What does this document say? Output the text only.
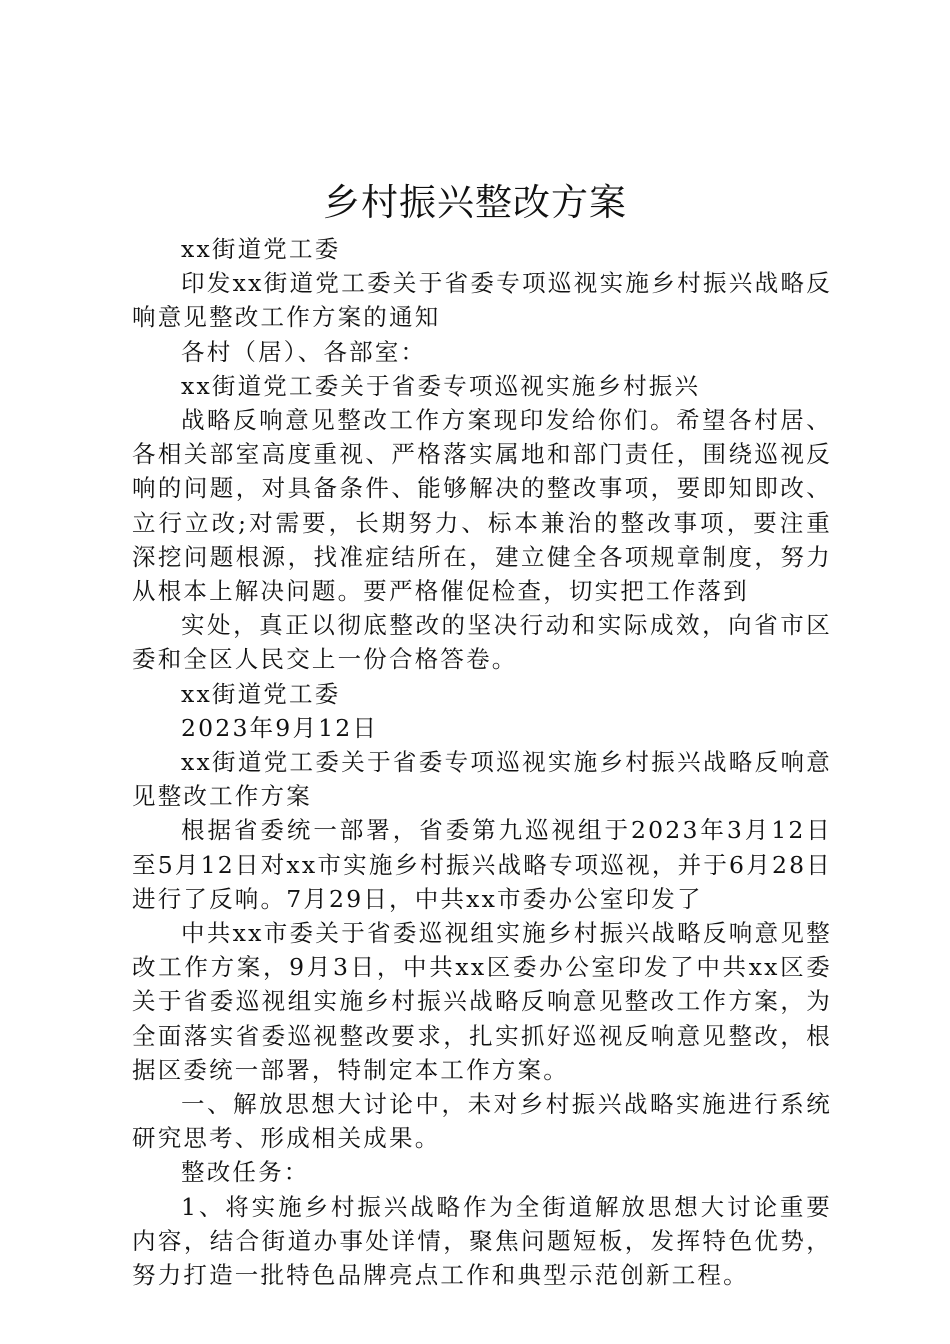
乡村振兴整改方案

xx街道党工委

印发xx街道党工委关于省委专项巡视实施乡村振兴战略反响意见整改工作方案的通知

各村（居）、各部室：

xx街道党工委关于省委专项巡视实施乡村振兴

战略反响意见整改工作方案现印发给你们。希望各村居、各相关部室高度重视、严格落实属地和部门责任，围绕巡视反响的问题，对具备条件、能够解决的整改事项，要即知即改、立行立改;对需要，长期努力、标本兼治的整改事项，要注重深挖问题根源，找准症结所在，建立健全各项规章制度，努力从根本上解决问题。要严格催促检查，切实把工作落到

实处，真正以彻底整改的坚决行动和实际成效，向省市区委和全区人民交上一份合格答卷。

xx街道党工委

2023年9月12日

xx街道党工委关于省委专项巡视实施乡村振兴战略反响意见整改工作方案

根据省委统一部署，省委第九巡视组于2023年3月12日至5月12日对xx市实施乡村振兴战略专项巡视，并于6月28日进行了反响。7月29日，中共xx市委办公室印发了

中共xx市委关于省委巡视组实施乡村振兴战略反响意见整改工作方案，9月3日，中共xx区委办公室印发了中共xx区委关于省委巡视组实施乡村振兴战略反响意见整改工作方案，为全面落实省委巡视整改要求，扎实抓好巡视反响意见整改，根据区委统一部署，特制定本工作方案。

一、解放思想大讨论中，未对乡村振兴战略实施进行系统研究思考、形成相关成果。

整改任务：

1、将实施乡村振兴战略作为全街道解放思想大讨论重要内容，结合街道办事处详情，聚焦问题短板，发挥特色优势，努力打造一批特色品牌亮点工作和典型示范创新工程。
